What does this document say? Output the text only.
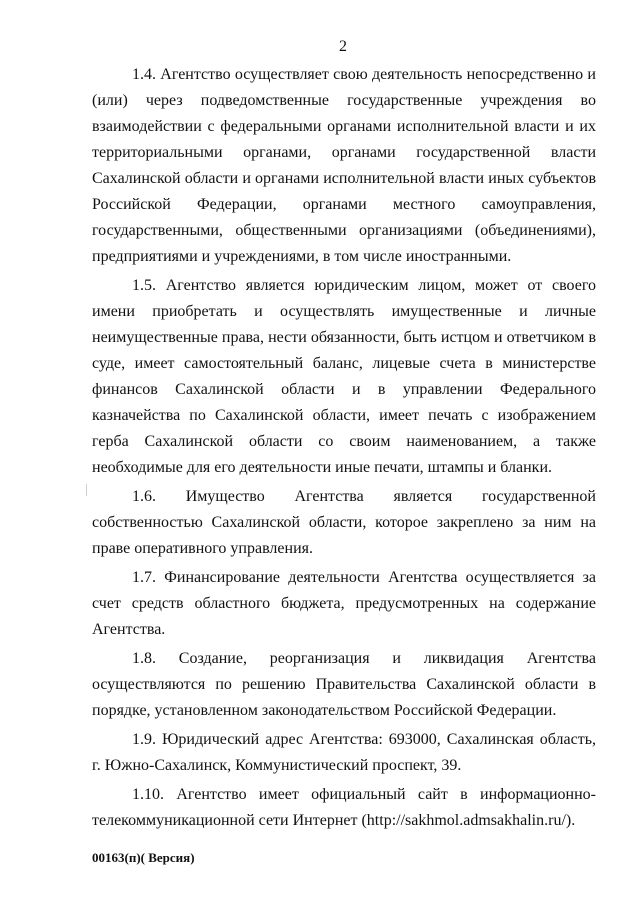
2

1.4. Агентство осуществляет свою деятельность непосредственно и (или) через подведомственные государственные учреждения во взаимодействии с федеральными органами исполнительной власти и их территориальными органами, органами государственной власти Сахалинской области и органами исполнительной власти иных субъектов Российской Федерации, органами местного самоуправления, государственными, общественными организациями (объединениями), предприятиями и учреждениями, в том числе иностранными.

1.5. Агентство является юридическим лицом, может от своего имени приобретать и осуществлять имущественные и личные неимущественные права, нести обязанности, быть истцом и ответчиком в суде, имеет самостоятельный баланс, лицевые счета в министерстве финансов Сахалинской области и в управлении Федерального казначейства по Сахалинской области, имеет печать с изображением герба Сахалинской области со своим наименованием, а также необходимые для его деятельности иные печати, штампы и бланки.

1.6. Имущество Агентства является государственной собственностью Сахалинской области, которое закреплено за ним на праве оперативного управления.

1.7. Финансирование деятельности Агентства осуществляется за счет средств областного бюджета, предусмотренных на содержание Агентства.

1.8. Создание, реорганизация и ликвидация Агентства осуществляются по решению Правительства Сахалинской области в порядке, установленном законодательством Российской Федерации.

1.9. Юридический адрес Агентства: 693000, Сахалинская область, г. Южно-Сахалинск, Коммунистический проспект, 39.

1.10. Агентство имеет официальный сайт в информационно-телекоммуникационной сети Интернет (http://sakhmol.admsakhalin.ru/).

00163(п)( Версия)
